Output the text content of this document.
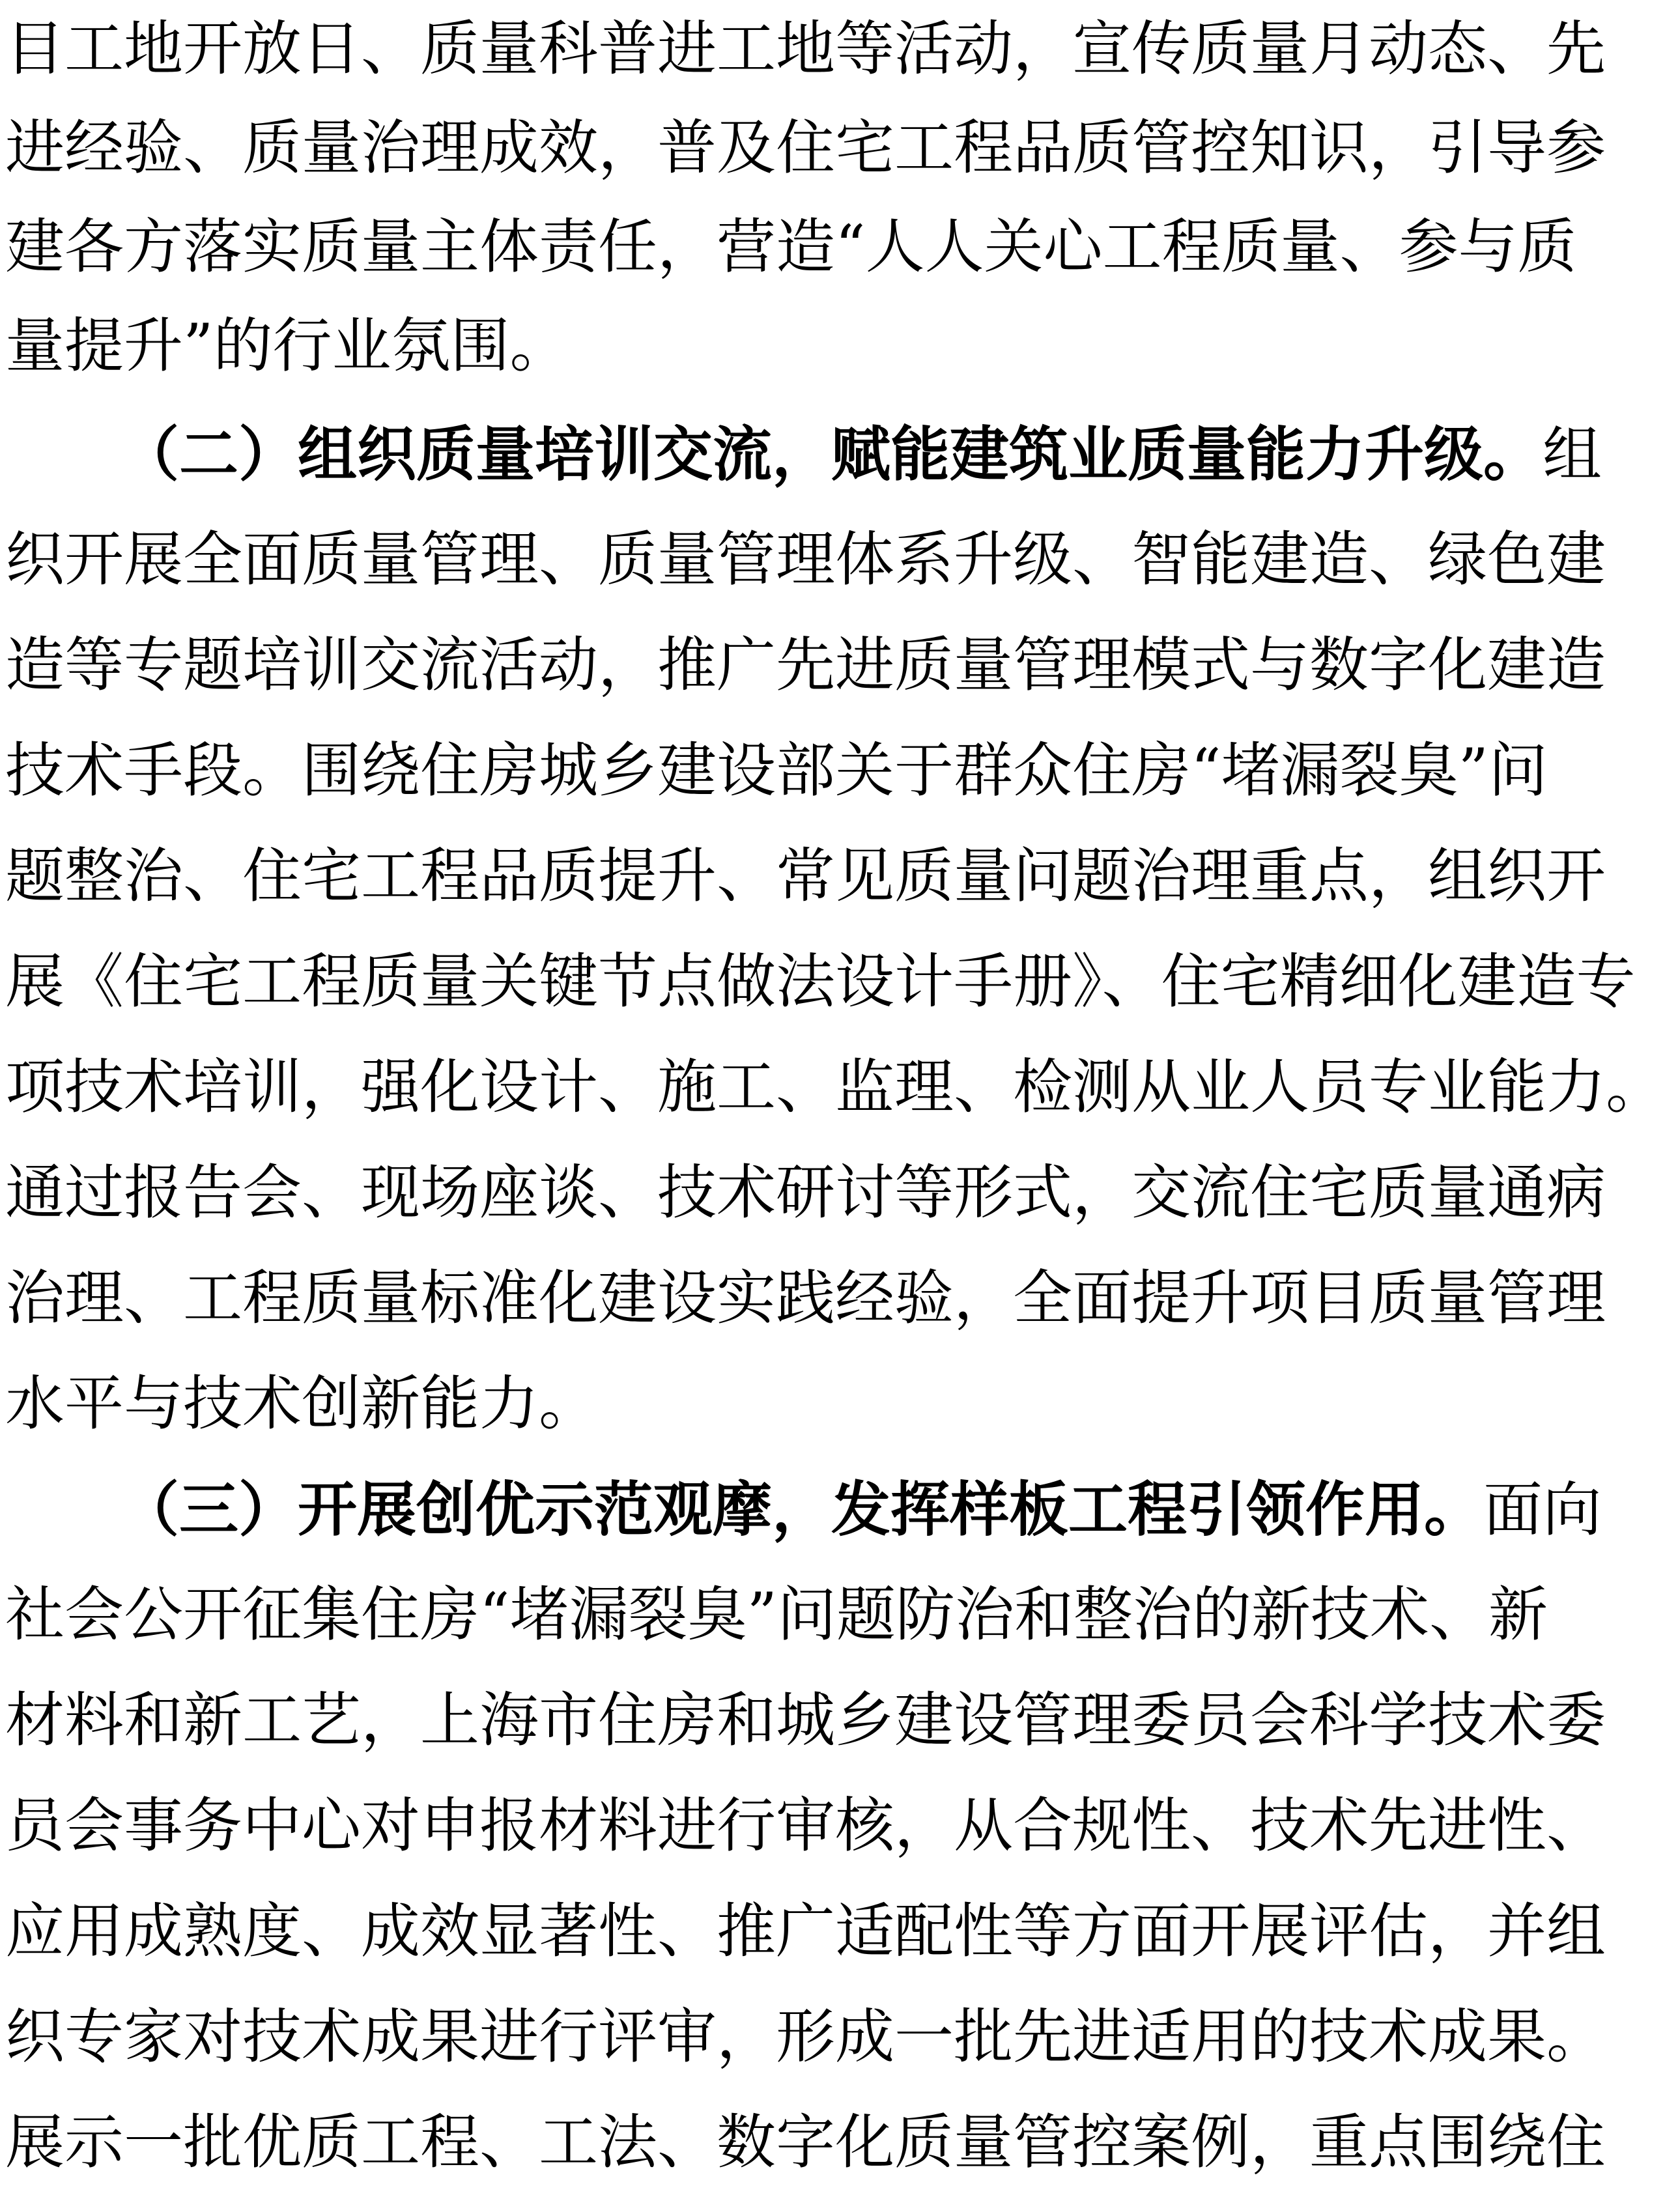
目工地开放日、质量科普进工地等活动，宣传质量月动态、先
进经验、质量治理成效，普及住宅工程品质管控知识，引导参
建各方落实质量主体责任，营造“人人关心工程质量、参与质
量提升”的行业氛围。
（二）组织质量培训交流，赋能建筑业质量能力升级。组
织开展全面质量管理、质量管理体系升级、智能建造、绿色建
造等专题培训交流活动，推广先进质量管理模式与数字化建造
技术手段。围绕住房城乡建设部关于群众住房“堵漏裂臭”问
题整治、住宅工程品质提升、常见质量问题治理重点，组织开
展《住宅工程质量关键节点做法设计手册》、住宅精细化建造专
项技术培训，强化设计、施工、监理、检测从业人员专业能力。
通过报告会、现场座谈、技术研讨等形式，交流住宅质量通病
治理、工程质量标准化建设实践经验，全面提升项目质量管理
水平与技术创新能力。
（三）开展创优示范观摩，发挥样板工程引领作用。面向
社会公开征集住房“堵漏裂臭”问题防治和整治的新技术、新
材料和新工艺，上海市住房和城乡建设管理委员会科学技术委
员会事务中心对申报材料进行审核，从合规性、技术先进性、
应用成熟度、成效显著性、推广适配性等方面开展评估，并组
织专家对技术成果进行评审，形成一批先进适用的技术成果。
展示一批优质工程、工法、数字化质量管控案例，重点围绕住
